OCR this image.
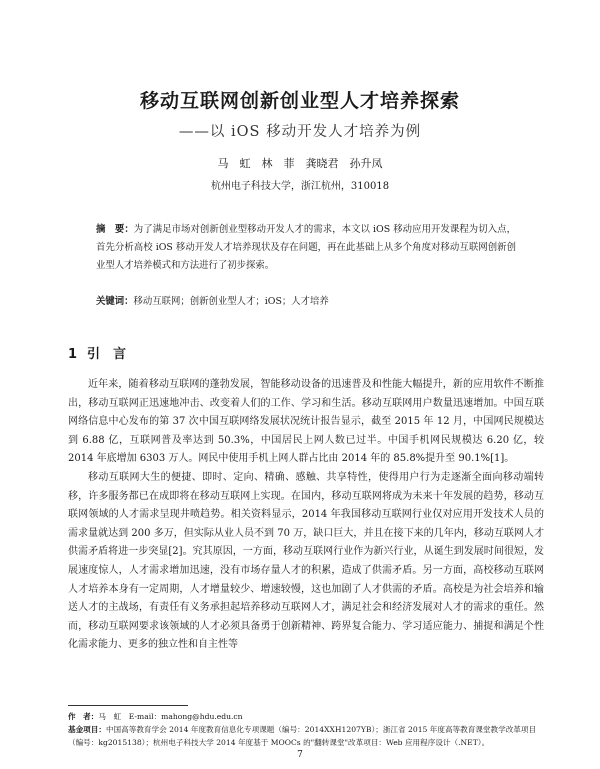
移动互联网创新创业型人才培养探索
——以 iOS 移动开发人才培养为例
马　虹　林　菲　龚晓君　孙升凤
杭州电子科技大学，浙江杭州，310018
摘　要：为了满足市场对创新创业型移动开发人才的需求，本文以 iOS 移动应用开发课程为切入点，首先分析高校 iOS 移动开发人才培养现状及存在问题，再在此基础上从多个角度对移动互联网创新创业型人才培养模式和方法进行了初步探索。
关键词：移动互联网；创新创业型人才；iOS；人才培养
1 引　言

近年来，随着移动互联网的蓬勃发展，智能移动设备的迅速普及和性能大幅提升，新的应用软件不断推出，移动互联网正迅速地冲击、改变着人们的工作、学习和生活。移动互联网用户数量迅速增加。中国互联网络信息中心发布的第 37 次中国互联网络发展状况统计报告显示，截至 2015 年 12 月，中国网民规模达到 6.88 亿，互联网普及率达到 50.3%，中国居民上网人数已过半。中国手机网民规模达 6.20 亿，较 2014 年底增加 6303 万人。网民中使用手机上网人群占比由 2014 年的 85.8%提升至 90.1%[1]。

移动互联网大生的便捷、即时、定向、精确、感触、共享特性，使得用户行为走逐渐全面向移动端转移，许多服务都已在成即将在移动互联网上实现。在国内，移动互联网将成为未来十年发展的趋势，移动互联网领域的人才需求呈现井喷趋势。相关资料显示，2014 年我国移动互联网行业仅对应用开发技术人员的需求量就达到 200 多万，但实际从业人员不到 70 万，缺口巨大，并且在接下来的几年内，移动互联网人才供需矛盾将进一步突显[2]。究其原因，一方面，移动互联网行业作为新兴行业，从诞生到发展时间很短，发展速度惊人，人才需求增加迅速，没有市场存量人才的积累，造成了供需矛盾。另一方面，高校移动互联网人才培养本身有一定周期，人才增量较少、增速较慢，这也加剧了人才供需的矛盾。高校是为社会培养和输送人才的主战场，有责任有义务承担起培养移动互联网人才，满足社会和经济发展对人才的需求的重任。然而，移动互联网要求该领域的人才必须具备勇于创新精神、跨界复合能力、学习适应能力、捕捉和满足个性化需求能力、更多的独立性和自主性等

作　者：马　虹　E-mail：mahong@hdu.edu.cn

基金项目：中国高等教育学会 2014 年度教育信息化专项课题（编号：2014XXH1207YB）；浙江省 2015 年度高等教育课堂教学改革项目（编号：kg2015138）；杭州电子科技大学 2014 年度基于 MOOCs 的"翻转课堂"改革项目：Web 应用程序设计（.NET）。

7
